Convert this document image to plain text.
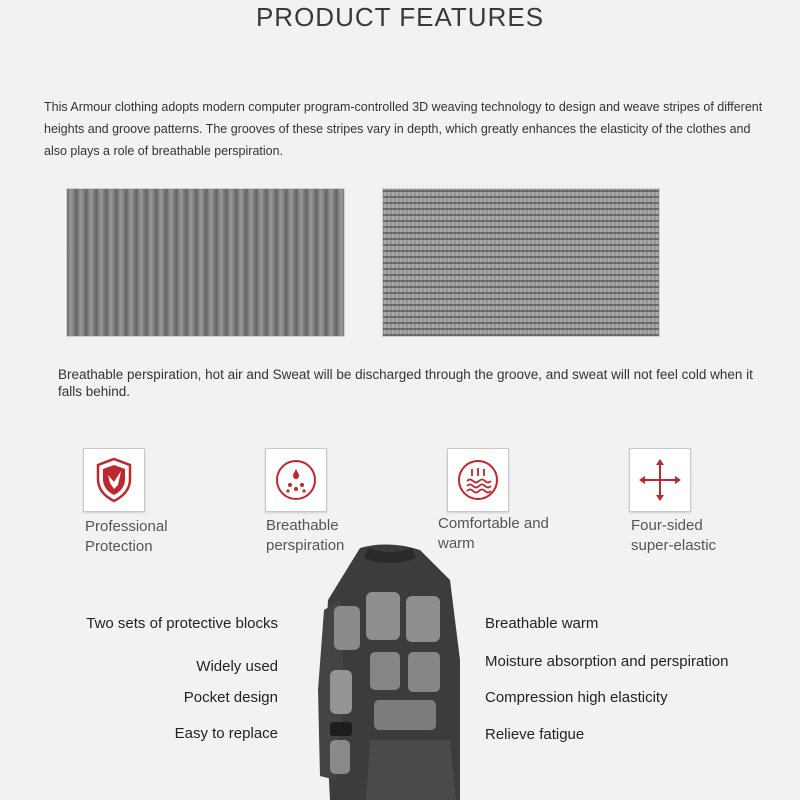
PRODUCT FEATURES
This Armour clothing adopts modern computer program-controlled 3D weaving technology to design and weave stripes of different heights and groove patterns. The grooves of these stripes vary in depth, which greatly enhances the elasticity of the clothes and also plays a role of breathable perspiration.
Breathable perspiration, hot air and Sweat will be discharged through the groove, and sweat will not feel cold when it falls behind.
Professional
Protection
Breathable
perspiration
Comfortable and
warm
Four-sided
super-elastic
Two sets of protective blocks
Widely used
Pocket design
Easy to replace
Breathable warm
Moisture absorption and perspiration
Compression high elasticity
Relieve fatigue
